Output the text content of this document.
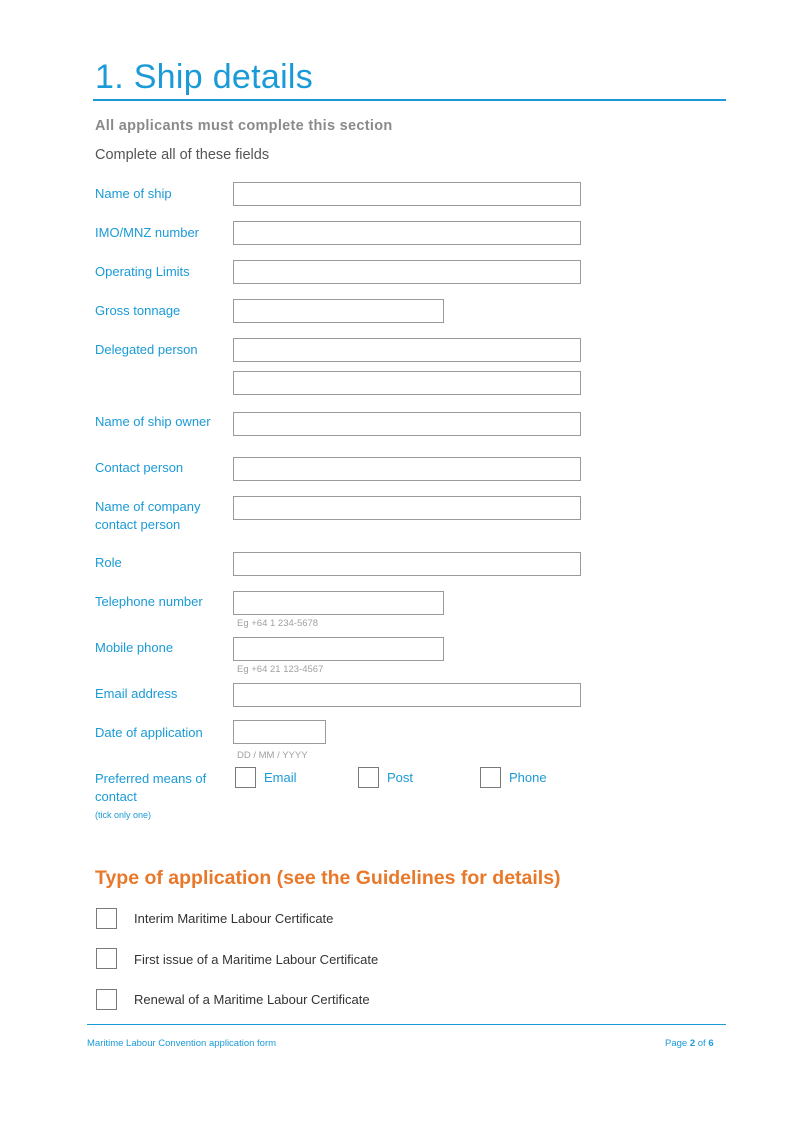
1. Ship details
All applicants must complete this section
Complete all of these fields
Name of ship
IMO/MNZ number
Operating Limits
Gross tonnage
Delegated person
Name of ship owner
Contact person
Name of company
contact person
Role
Telephone number
Eg +64 1 234-5678
Mobile phone
Eg +64 21 123-4567
Email address
Date of application
DD / MM / YYYY
Preferred means of
contact
(tick only one)
Email	Post	Phone
Type of application (see the Guidelines for details)
Interim Maritime Labour Certificate
First issue of a Maritime Labour Certificate
Renewal of a Maritime Labour Certificate
Maritime Labour Convention application form	Page 2 of 6
